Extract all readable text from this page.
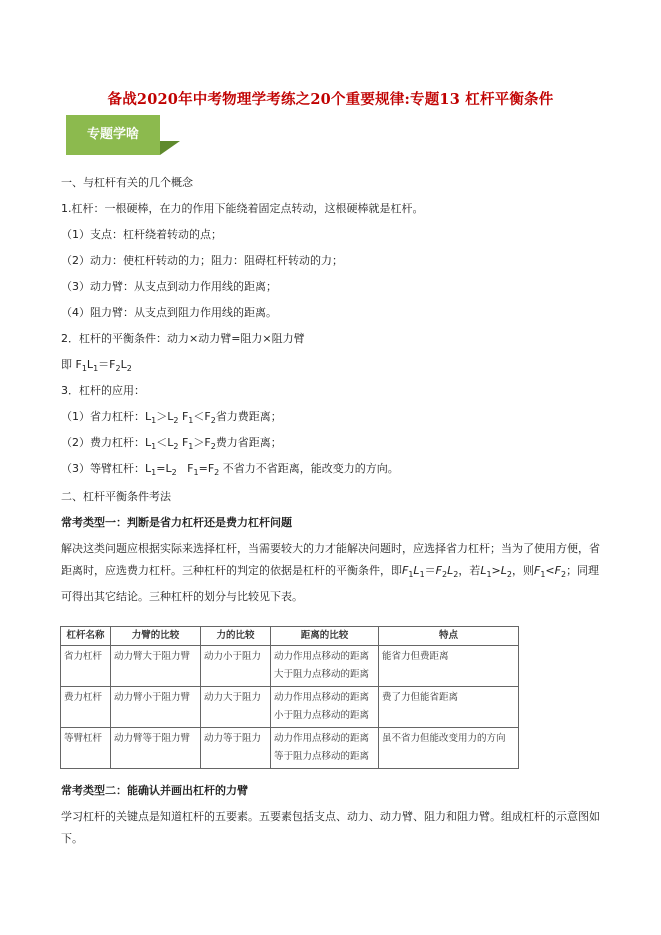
备战2020年中考物理学考练之20个重要规律:专题13 杠杆平衡条件
专题学啥
一、与杠杆有关的几个概念
1.杠杆：一根硬棒，在力的作用下能绕着固定点转动，这根硬棒就是杠杆。
（1）支点：杠杆绕着转动的点；
（2）动力：使杠杆转动的力；阻力：阻碍杠杆转动的力；
（3）动力臂：从支点到动力作用线的距离；
（4）阻力臂：从支点到阻力作用线的距离。
2．杠杆的平衡条件：动力×动力臂=阻力×阻力臂
即 $F_1L_1=F_2L_2$
3．杠杆的应用：
（1）省力杠杆：$L_1>L_2$ $F_1<F_2$省力费距离；
（2）费力杠杆：$L_1<L_2$ $F_1>F_2$费力省距离；
（3）等臂杠杆：$L_1=L_2$   $F_1=F_2$ 不省力不省距离，能改变力的方向。
二、杠杆平衡条件考法
常考类型一：判断是省力杠杆还是费力杠杆问题
解决这类问题应根据实际来选择杠杆，当需要较大的力才能解决问题时，应选择省力杠杆；当为了使用方便，省距离时，应选费力杠杆。三种杠杆的判定的依据是杠杆的平衡条件，即$F_1L_1=F_2L_2$，若$L_1>L_2$，则$F_1<F_2$；同理可得出其它结论。三种杠杆的划分与比较见下表。
杠杆名称	力臂的比较	力的比较	距离的比较	特点
省力杠杆	动力臂大于阻力臂	动力小于阻力	动力作用点移动的距离大于阻力点移动的距离	能省力但费距离
费力杠杆	动力臂小于阻力臂	动力大于阻力	动力作用点移动的距离小于阻力点移动的距离	费了力但能省距离
等臂杠杆	动力臂等于阻力臂	动力等于阻力	动力作用点移动的距离等于阻力点移动的距离	虽不省力但能改变用力的方向
常考类型二：能确认并画出杠杆的力臂
学习杠杆的关键点是知道杠杆的五要素。五要素包括支点、动力、动力臂、阻力和阻力臂。组成杠杆的示意图如下。
